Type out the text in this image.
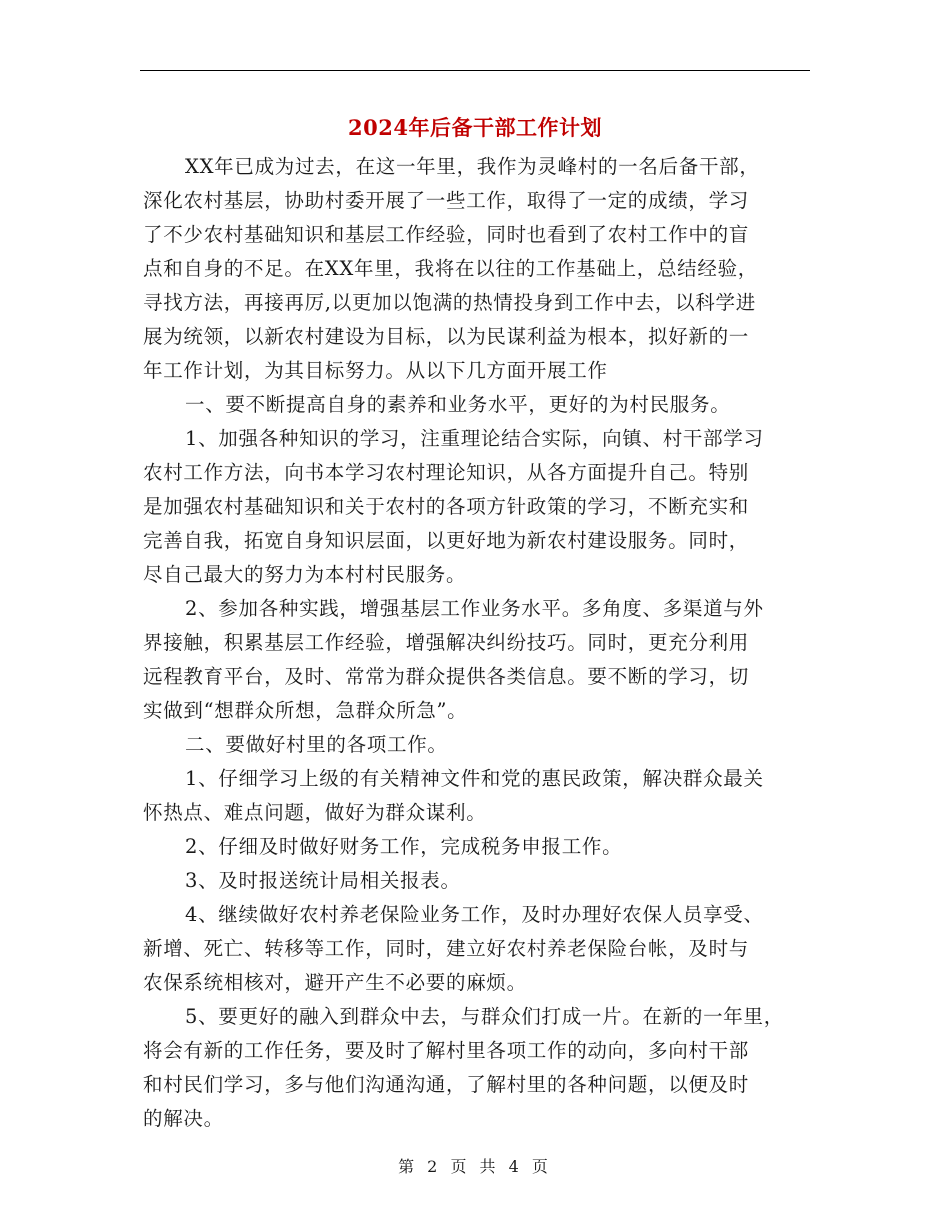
2024年后备干部工作计划
XX年已成为过去，在这一年里，我作为灵峰村的一名后备干部，
深化农村基层，协助村委开展了一些工作，取得了一定的成绩，学习
了不少农村基础知识和基层工作经验，同时也看到了农村工作中的盲
点和自身的不足。在XX年里，我将在以往的工作基础上，总结经验，
寻找方法，再接再厉,以更加以饱满的热情投身到工作中去，以科学进
展为统领，以新农村建设为目标，以为民谋利益为根本，拟好新的一
年工作计划，为其目标努力。从以下几方面开展工作
一、要不断提高自身的素养和业务水平，更好的为村民服务。
1、加强各种知识的学习，注重理论结合实际，向镇、村干部学习
农村工作方法，向书本学习农村理论知识，从各方面提升自己。特别
是加强农村基础知识和关于农村的各项方针政策的学习，不断充实和
完善自我，拓宽自身知识层面，以更好地为新农村建设服务。同时，
尽自己最大的努力为本村村民服务。
2、参加各种实践，增强基层工作业务水平。多角度、多渠道与外
界接触，积累基层工作经验，增强解决纠纷技巧。同时，更充分利用
远程教育平台，及时、常常为群众提供各类信息。要不断的学习，切
实做到“想群众所想，急群众所急”。
二、要做好村里的各项工作。
1、仔细学习上级的有关精神文件和党的惠民政策，解决群众最关
怀热点、难点问题，做好为群众谋利。
2、仔细及时做好财务工作，完成税务申报工作。
3、及时报送统计局相关报表。
4、继续做好农村养老保险业务工作，及时办理好农保人员享受、
新增、死亡、转移等工作，同时，建立好农村养老保险台帐，及时与
农保系统相核对，避开产生不必要的麻烦。
5、要更好的融入到群众中去，与群众们打成一片。在新的一年里，
将会有新的工作任务，要及时了解村里各项工作的动向，多向村干部
和村民们学习，多与他们沟通沟通，了解村里的各种问题，以便及时
的解决。
第 2 页 共 4 页
